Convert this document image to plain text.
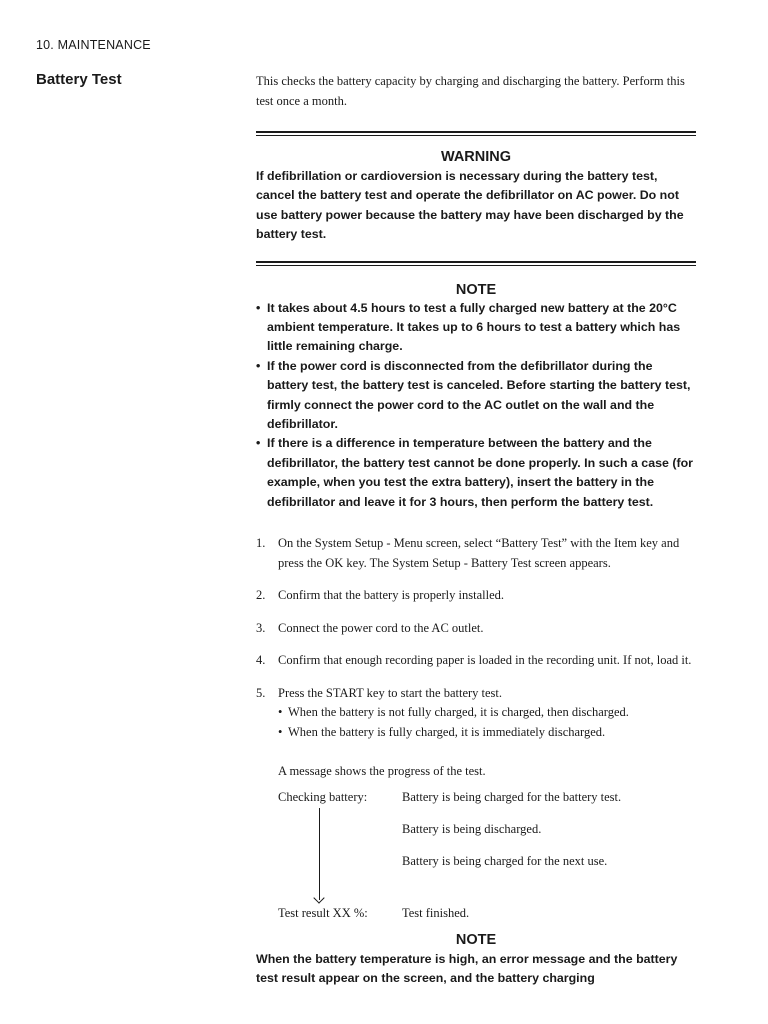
10. MAINTENANCE
Battery Test	This checks the battery capacity by charging and discharging the battery. Perform this test once a month.

WARNING

If defibrillation or cardioversion is necessary during the battery test, cancel the battery test and operate the defibrillator on AC power. Do not use battery power because the battery may have been discharged by the battery test.

NOTE

• It takes about 4.5 hours to test a fully charged new battery at the 20°C ambient temperature. It takes up to 6 hours to test a battery which has little remaining charge.
• If the power cord is disconnected from the defibrillator during the battery test, the battery test is canceled. Before starting the battery test, firmly connect the power cord to the AC outlet on the wall and the defibrillator.
• If there is a difference in temperature between the battery and the defibrillator, the battery test cannot be done properly. In such a case (for example, when you test the extra battery), insert the battery in the defibrillator and leave it for 3 hours, then perform the battery test.
1. On the System Setup - Menu screen, select “Battery Test” with the Item key and press the OK key. The System Setup - Battery Test screen appears.
2. Confirm that the battery is properly installed.
3. Connect the power cord to the AC outlet.
4. Confirm that enough recording paper is loaded in the recording unit. If not, load it.
5. Press the START key to start the battery test.
• When the battery is not fully charged, it is charged, then discharged.
• When the battery is fully charged, it is immediately discharged.
A message shows the progress of the test.
Checking battery:	Battery is being charged for the battery test.
Battery is being discharged.
Battery is being charged for the next use.
Test result XX %:	Test finished.

NOTE

When the battery temperature is high, an error message and the battery test result appear on the screen, and the battery charging
